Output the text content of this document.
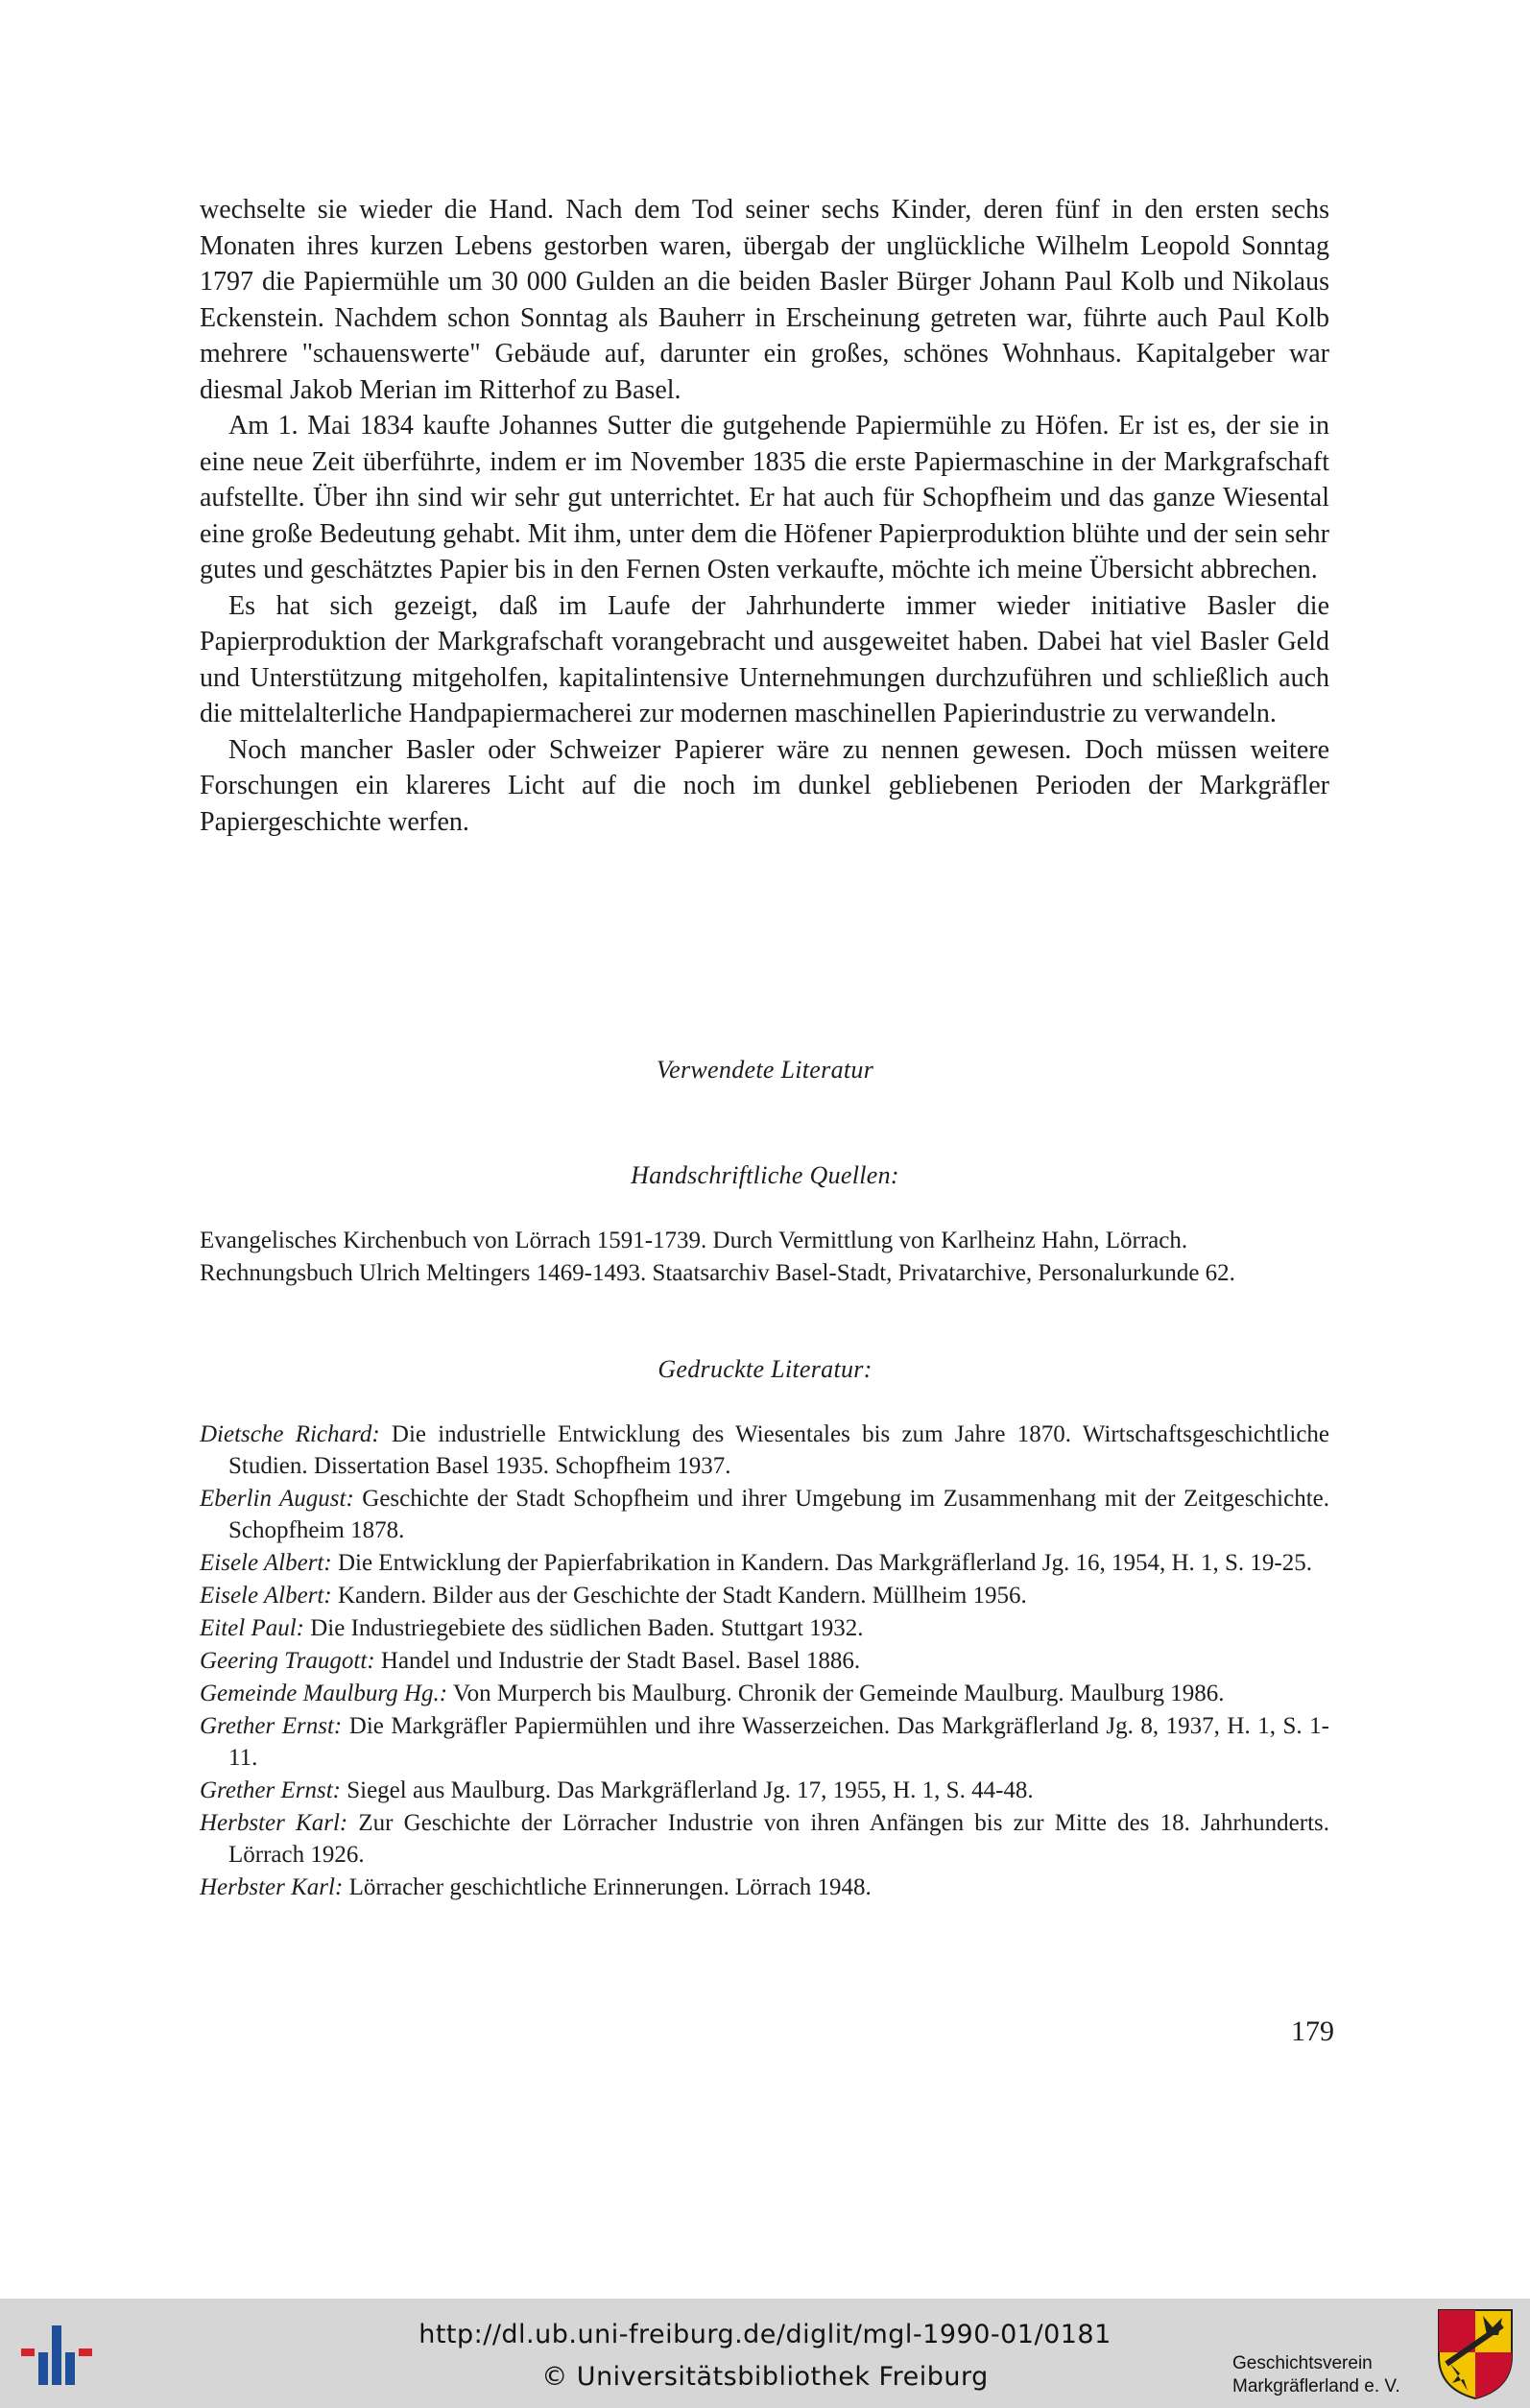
wechselte sie wieder die Hand. Nach dem Tod seiner sechs Kinder, deren fünf in den ersten sechs Monaten ihres kurzen Lebens gestorben waren, übergab der unglückliche Wilhelm Leopold Sonntag 1797 die Papiermühle um 30 000 Gulden an die beiden Basler Bürger Johann Paul Kolb und Nikolaus Eckenstein. Nachdem schon Sonntag als Bauherr in Erscheinung getreten war, führte auch Paul Kolb mehrere "schauenswerte" Gebäude auf, darunter ein großes, schönes Wohnhaus. Kapitalgeber war diesmal Jakob Merian im Ritterhof zu Basel.

Am 1. Mai 1834 kaufte Johannes Sutter die gutgehende Papiermühle zu Höfen. Er ist es, der sie in eine neue Zeit überführte, indem er im November 1835 die erste Papiermaschine in der Markgrafschaft aufstellte. Über ihn sind wir sehr gut unterrichtet. Er hat auch für Schopfheim und das ganze Wiesental eine große Bedeutung gehabt. Mit ihm, unter dem die Höfener Papierproduktion blühte und der sein sehr gutes und geschätztes Papier bis in den Fernen Osten verkaufte, möchte ich meine Übersicht abbrechen.

Es hat sich gezeigt, daß im Laufe der Jahrhunderte immer wieder initiative Basler die Papierproduktion der Markgrafschaft vorangebracht und ausgeweitet haben. Dabei hat viel Basler Geld und Unterstützung mitgeholfen, kapitalintensive Unternehmungen durchzuführen und schließlich auch die mittelalterliche Handpapiermacherei zur modernen maschinellen Papierindustrie zu verwandeln.

Noch mancher Basler oder Schweizer Papierer wäre zu nennen gewesen. Doch müssen weitere Forschungen ein klareres Licht auf die noch im dunkel gebliebenen Perioden der Markgräfler Papiergeschichte werfen.

Verwendete Literatur
Handschriftliche Quellen:

Evangelisches Kirchenbuch von Lörrach 1591-1739. Durch Vermittlung von Karlheinz Hahn, Lörrach.

Rechnungsbuch Ulrich Meltingers 1469-1493. Staatsarchiv Basel-Stadt, Privatarchive, Personalurkunde 62.

Gedruckte Literatur:

Dietsche Richard: Die industrielle Entwicklung des Wiesentales bis zum Jahre 1870. Wirtschaftsgeschichtliche Studien. Dissertation Basel 1935. Schopfheim 1937.

Eberlin August: Geschichte der Stadt Schopfheim und ihrer Umgebung im Zusammenhang mit der Zeitgeschichte. Schopfheim 1878.

Eisele Albert: Die Entwicklung der Papierfabrikation in Kandern. Das Markgräflerland Jg. 16, 1954, H. 1, S. 19-25.

Eisele Albert: Kandern. Bilder aus der Geschichte der Stadt Kandern. Müllheim 1956.

Eitel Paul: Die Industriegebiete des südlichen Baden. Stuttgart 1932.

Geering Traugott: Handel und Industrie der Stadt Basel. Basel 1886.

Gemeinde Maulburg Hg.: Von Murperch bis Maulburg. Chronik der Gemeinde Maulburg. Maulburg 1986.

Grether Ernst: Die Markgräfler Papiermühlen und ihre Wasserzeichen. Das Markgräflerland Jg. 8, 1937, H. 1, S. 1-11.

Grether Ernst: Siegel aus Maulburg. Das Markgräflerland Jg. 17, 1955, H. 1, S. 44-48.

Herbster Karl: Zur Geschichte der Lörracher Industrie von ihren Anfängen bis zur Mitte des 18. Jahrhunderts. Lörrach 1926.

Herbster Karl: Lörracher geschichtliche Erinnerungen. Lörrach 1948.

179
http://dl.ub.uni-freiburg.de/diglit/mgl-1990-01/0181
© Universitätsbibliothek Freiburg	Geschichtsverein
Markgräflerland e. V.
